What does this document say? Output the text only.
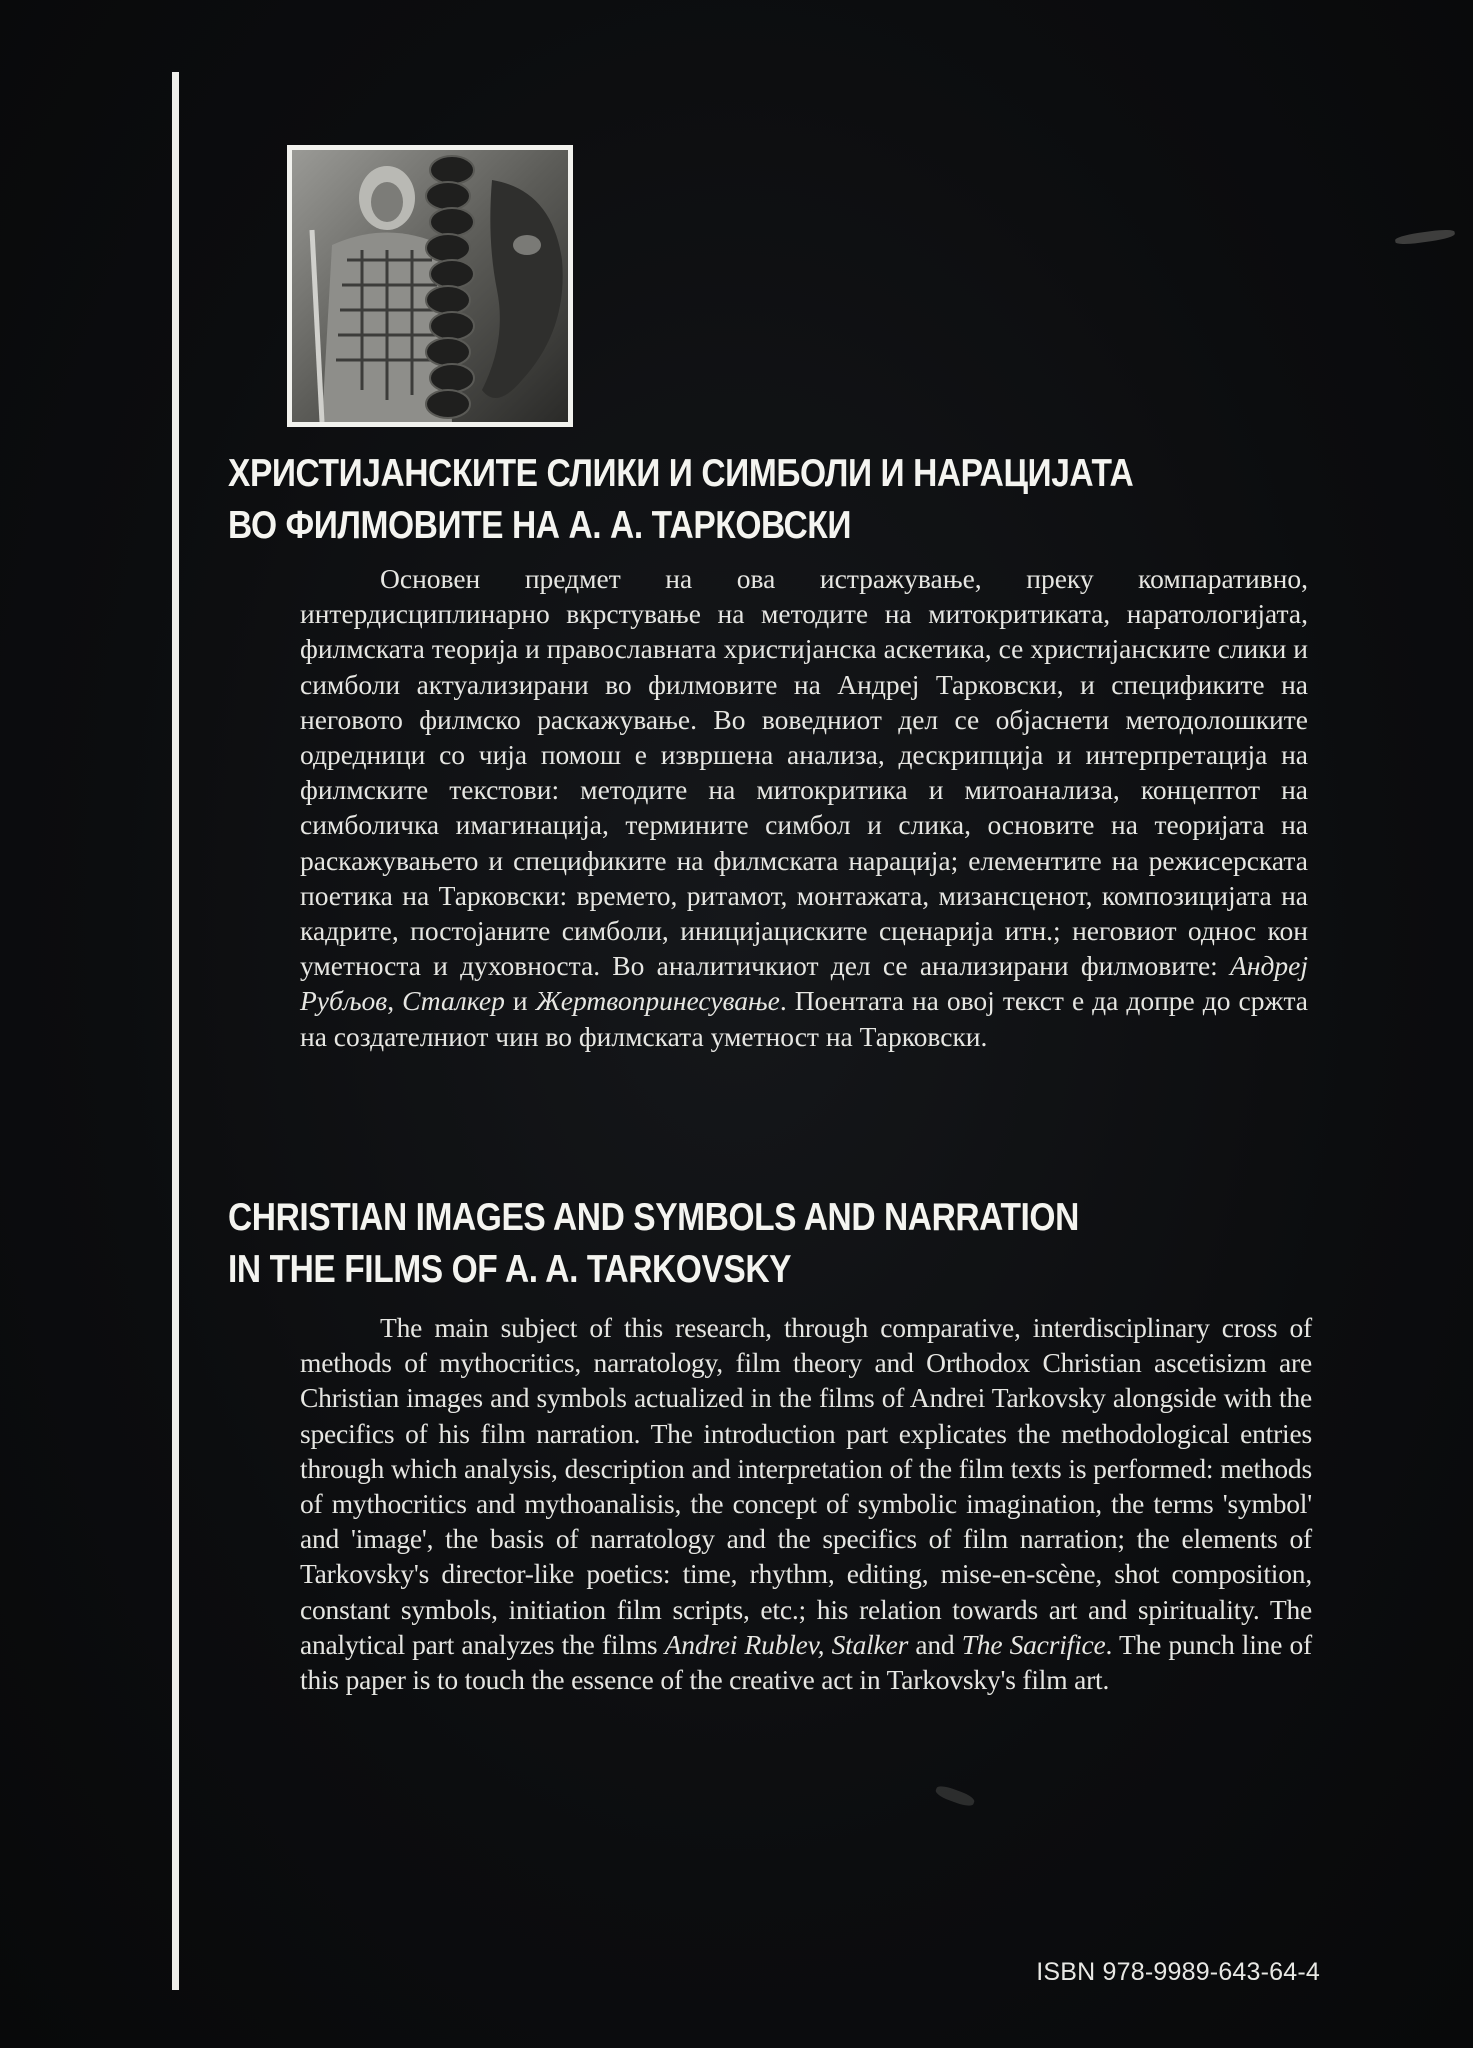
ХРИСТИЈАНСКИТЕ СЛИКИ И СИМБОЛИ И НАРАЦИЈАТА
ВО ФИЛМОВИТЕ НА А. А. ТАРКОВСКИ

Основен предмет на ова истражување, преку компаративно, интердисциплинарно вкрстување на методите на митокритиката, наратологијата, филмската теорија и православната христијанска аскетика, се христијанските слики и симболи актуализирани во филмовите на Андреј Тарковски, и спецификите на неговото филмско раскажување. Во воведниот дел се објаснети методолошките одредници со чија помош е извршена анализа, дескрипција и интерпретација на филмските текстови: методите на митокритика и митоанализа, концептот на симболичка имагинација, термините симбол и слика, основите на теоријата на раскажувањето и спецификите на филмската нарација; елементите на режисерската поетика на Тарковски: времето, ритамот, монтажата, мизансценот, композицијата на кадрите, постојаните симболи, иницијациските сценарија итн.; неговиот однос кон уметноста и духовноста. Во аналитичкиот дел се анализирани филмовите: Андреј Рубљов, Сталкер и Жертвопринесување. Поентата на овој текст е да допре до сржта на создателниот чин во филмската уметност на Тарковски.

CHRISTIAN IMAGES AND SYMBOLS AND NARRATION
IN THE FILMS OF A. A. TARKOVSKY

The main subject of this research, through comparative, interdisciplinary cross of methods of mythocritics, narratology, film theory and Orthodox Christian ascetisizm are Christian images and symbols actualized in the films of Andrei Tarkovsky alongside with the specifics of his film narration. The introduction part explicates the methodological entries through which analysis, description and interpretation of the film texts is performed: methods of mythocritics and mythoanalisis, the concept of symbolic imagination, the terms 'symbol' and 'image', the basis of narratology and the specifics of film narration; the elements of Tarkovsky's director-like poetics: time, rhythm, editing, mise-en-scène, shot composition, constant symbols, initiation film scripts, etc.; his relation towards art and spirituality. The analytical part analyzes the films Andrei Rublev, Stalker and The Sacrifice. The punch line of this paper is to touch the essence of the creative act in Tarkovsky's film art.

ISBN 978-9989-643-64-4
